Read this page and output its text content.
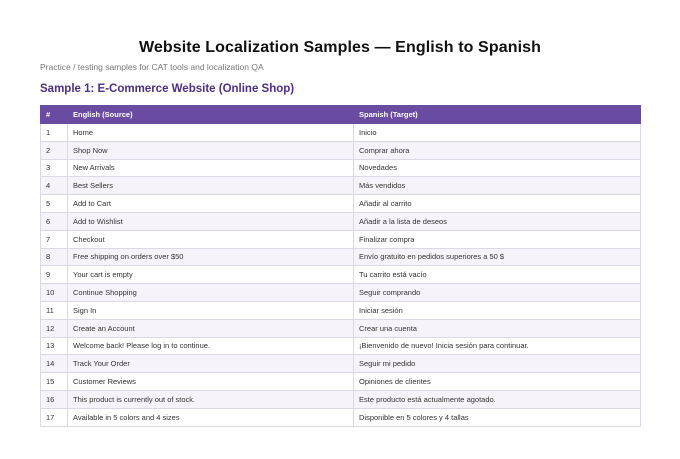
Website Localization Samples — English to Spanish
Practice / testing samples for CAT tools and localization QA
Sample 1: E-Commerce Website (Online Shop)
#	English (Source)	Spanish (Target)
1	Home	Inicio
2	Shop Now	Comprar ahora
3	New Arrivals	Novedades
4	Best Sellers	Más vendidos
5	Add to Cart	Añadir al carrito
6	Add to Wishlist	Añadir a la lista de deseos
7	Checkout	Finalizar compra
8	Free shipping on orders over $50	Envío gratuito en pedidos superiores a 50 $
9	Your cart is empty	Tu carrito está vacío
10	Continue Shopping	Seguir comprando
11	Sign In	Iniciar sesión
12	Create an Account	Crear una cuenta
13	Welcome back! Please log in to continue.	¡Bienvenido de nuevo! Inicia sesión para continuar.
14	Track Your Order	Seguir mi pedido
15	Customer Reviews	Opiniones de clientes
16	This product is currently out of stock.	Este producto está actualmente agotado.
17	Available in 5 colors and 4 sizes	Disponible en 5 colores y 4 tallas
